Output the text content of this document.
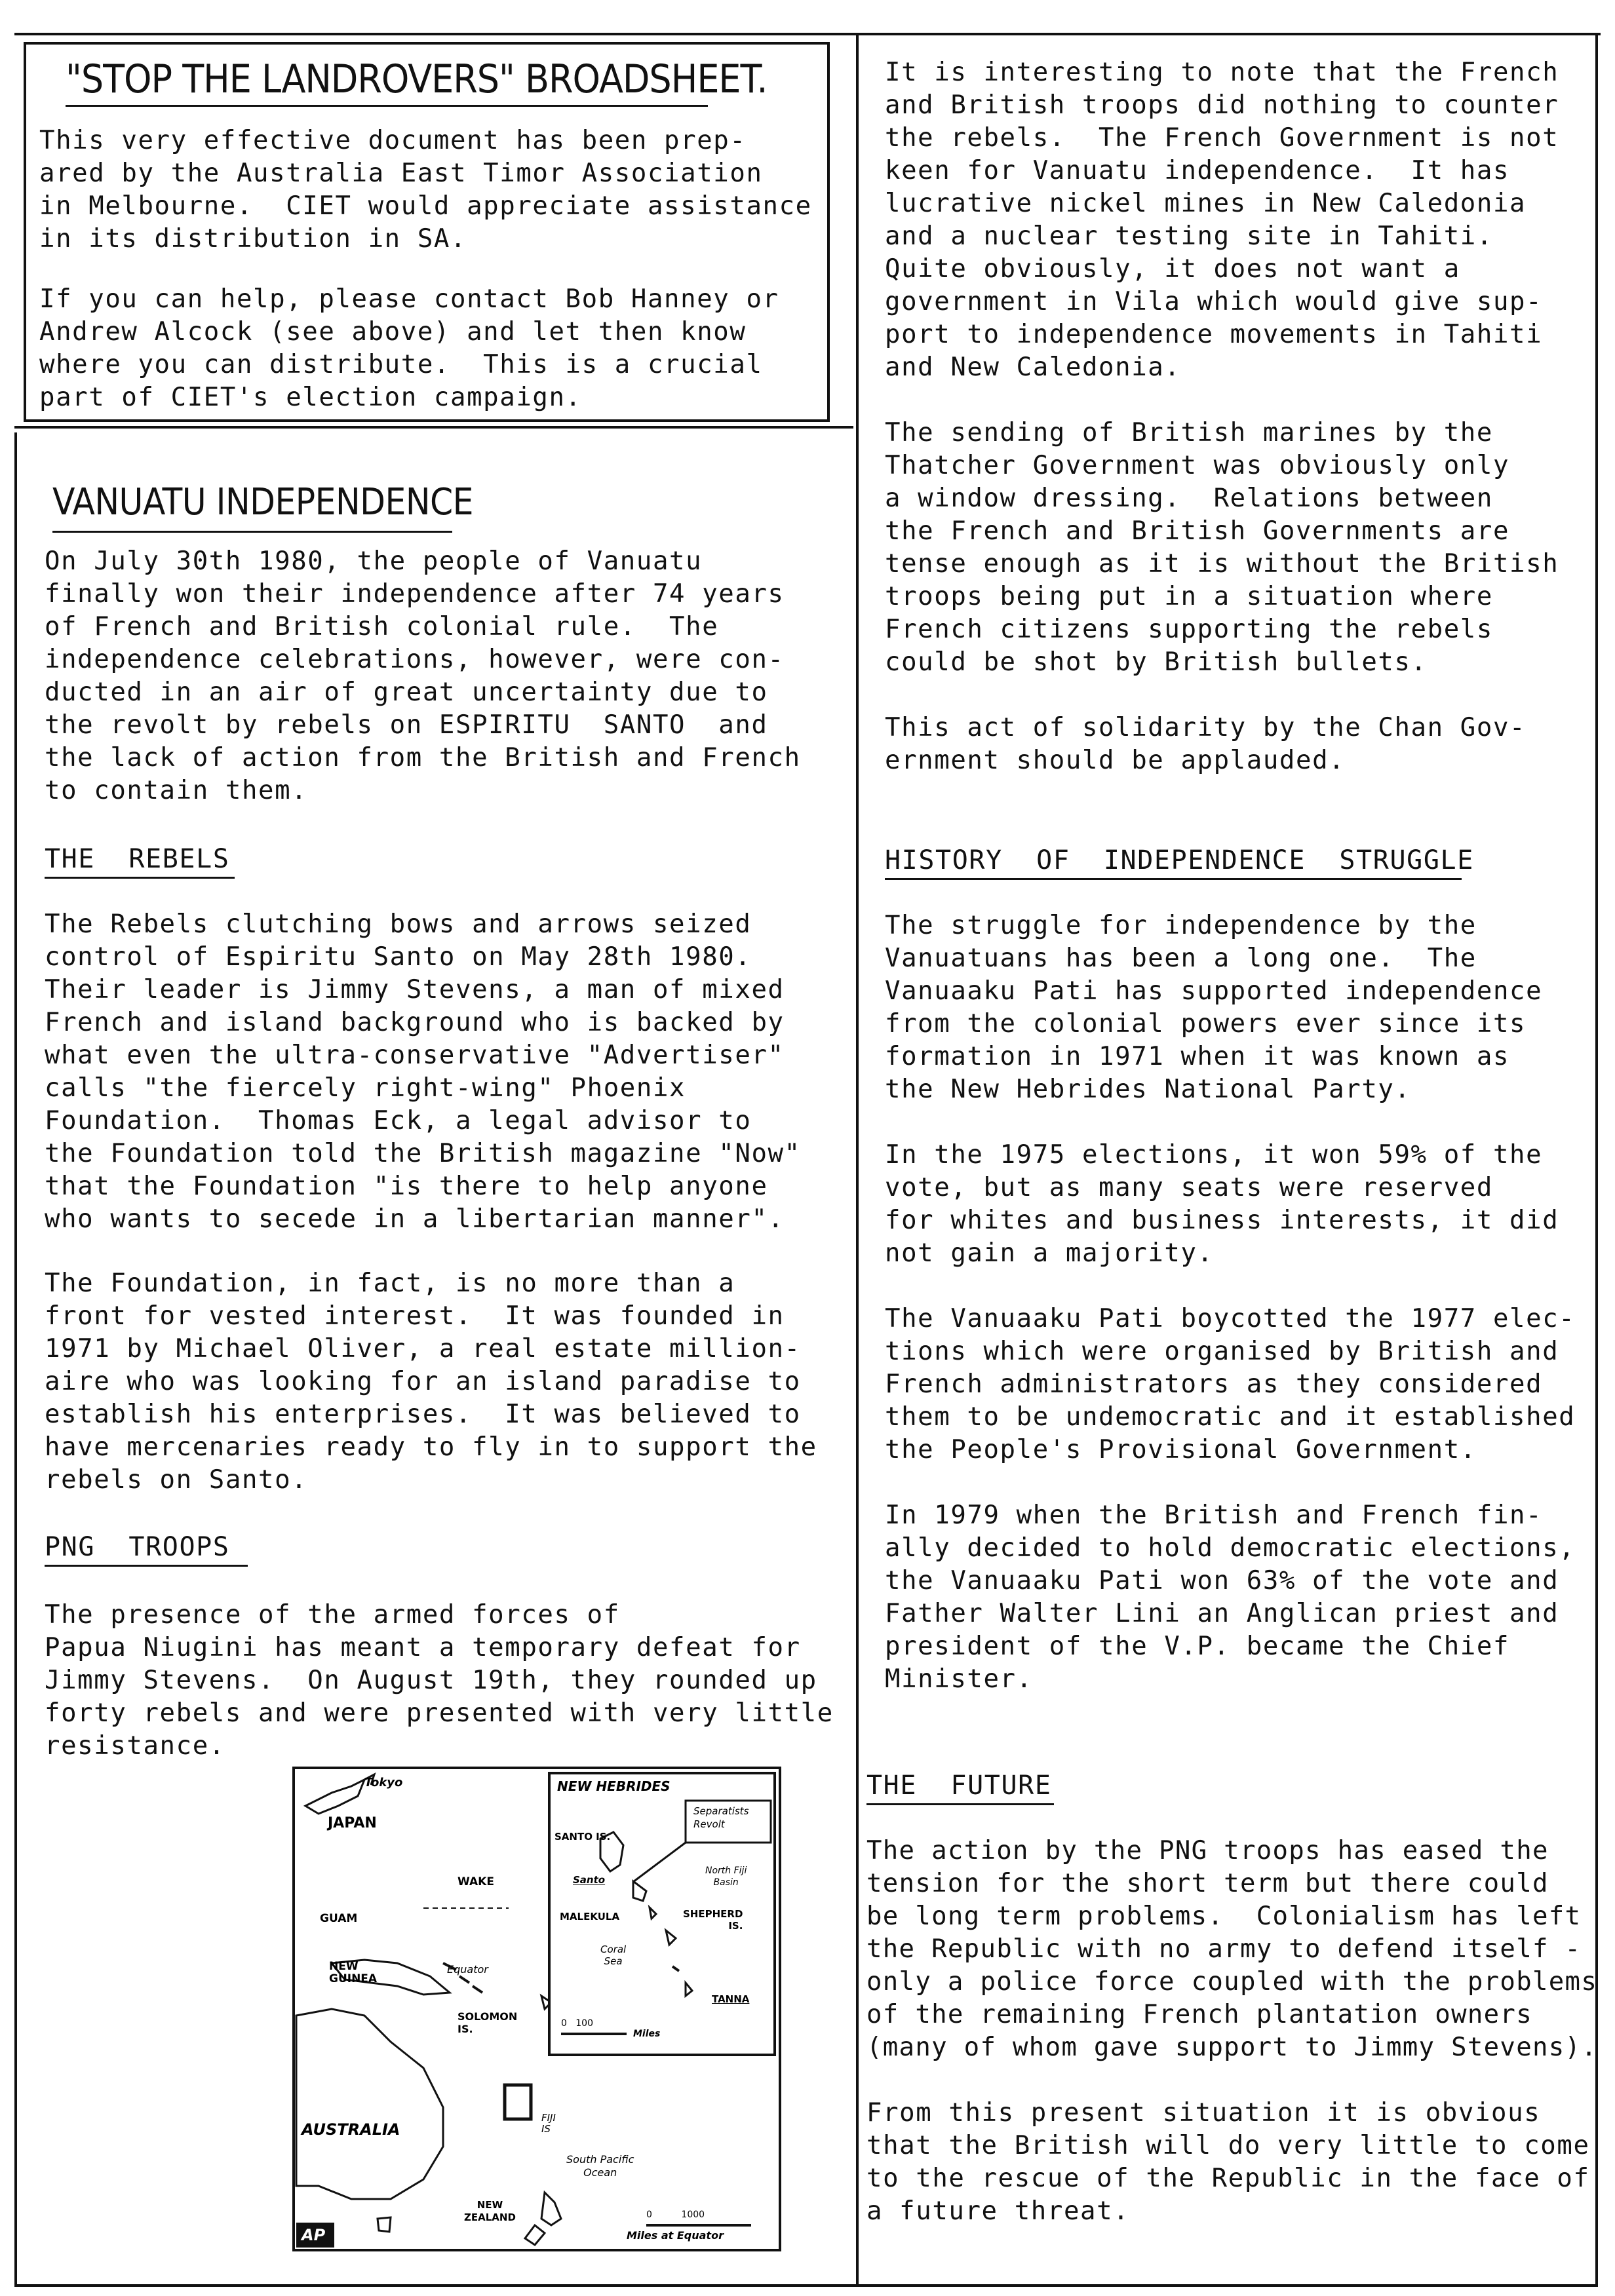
"STOP THE LANDROVERS" BROADSHEET.
This very effective document has been prep-
ared by the Australia East Timor Association
in Melbourne.  CIET would appreciate assistance
in its distribution in SA.
If you can help, please contact Bob Hanney or
Andrew Alcock (see above) and let then know
where you can distribute.  This is a crucial
part of CIET's election campaign.
VANUATU INDEPENDENCE
On July 30th 1980, the people of Vanuatu
finally won their independence after 74 years
of French and British colonial rule.  The
independence celebrations, however, were con-
ducted in an air of great uncertainty due to
the revolt by rebels on ESPIRITU  SANTO  and
the lack of action from the British and French
to contain them.
THE  REBELS
The Rebels clutching bows and arrows seized
control of Espiritu Santo on May 28th 1980.
Their leader is Jimmy Stevens, a man of mixed
French and island background who is backed by
what even the ultra-conservative "Advertiser"
calls "the fiercely right-wing" Phoenix
Foundation.  Thomas Eck, a legal advisor to
the Foundation told the British magazine "Now"
that the Foundation "is there to help anyone
who wants to secede in a libertarian manner".
The Foundation, in fact, is no more than a
front for vested interest.  It was founded in
1971 by Michael Oliver, a real estate million-
aire who was looking for an island paradise to
establish his enterprises.  It was believed to
have mercenaries ready to fly in to support the
rebels on Santo.
PNG  TROOPS
The presence of the armed forces of
Papua Niugini has meant a temporary defeat for
Jimmy Stevens.  On August 19th, they rounded up
forty rebels and were presented with very little
resistance.
Tokyo
JAPAN
WAKE
GUAM
NEW
GUINEA
Equator
SOLOMON
IS.
AUSTRALIA
FIJI
IS
South Pacific
Ocean
NEW
ZEALAND	0          1000
Miles at Equator
AP
NEW HEBRIDES
SANTO IS.
Santo
Separatists
Revolt
North Fiji
Basin
MALEKULA	SHEPHERD
IS.
Coral
Sea
TANNA
0   100
Miles
It is interesting to note that the French
and British troops did nothing to counter
the rebels.  The French Government is not
keen for Vanuatu independence.  It has
lucrative nickel mines in New Caledonia
and a nuclear testing site in Tahiti.
Quite obviously, it does not want a
government in Vila which would give sup-
port to independence movements in Tahiti
and New Caledonia.
The sending of British marines by the
Thatcher Government was obviously only
a window dressing.  Relations between
the French and British Governments are
tense enough as it is without the British
troops being put in a situation where
French citizens supporting the rebels
could be shot by British bullets.
This act of solidarity by the Chan Gov-
ernment should be applauded.
HISTORY  OF  INDEPENDENCE  STRUGGLE
The struggle for independence by the
Vanuatuans has been a long one.  The
Vanuaaku Pati has supported independence
from the colonial powers ever since its
formation in 1971 when it was known as
the New Hebrides National Party.
In the 1975 elections, it won 59% of the
vote, but as many seats were reserved
for whites and business interests, it did
not gain a majority.
The Vanuaaku Pati boycotted the 1977 elec-
tions which were organised by British and
French administrators as they considered
them to be undemocratic and it established
the People's Provisional Government.
In 1979 when the British and French fin-
ally decided to hold democratic elections,
the Vanuaaku Pati won 63% of the vote and
Father Walter Lini an Anglican priest and
president of the V.P. became the Chief
Minister.
THE  FUTURE
The action by the PNG troops has eased the
tension for the short term but there could
be long term problems.  Colonialism has left
the Republic with no army to defend itself -
only a police force coupled with the problems
of the remaining French plantation owners
(many of whom gave support to Jimmy Stevens).
From this present situation it is obvious
that the British will do very little to come
to the rescue of the Republic in the face of
a future threat.
